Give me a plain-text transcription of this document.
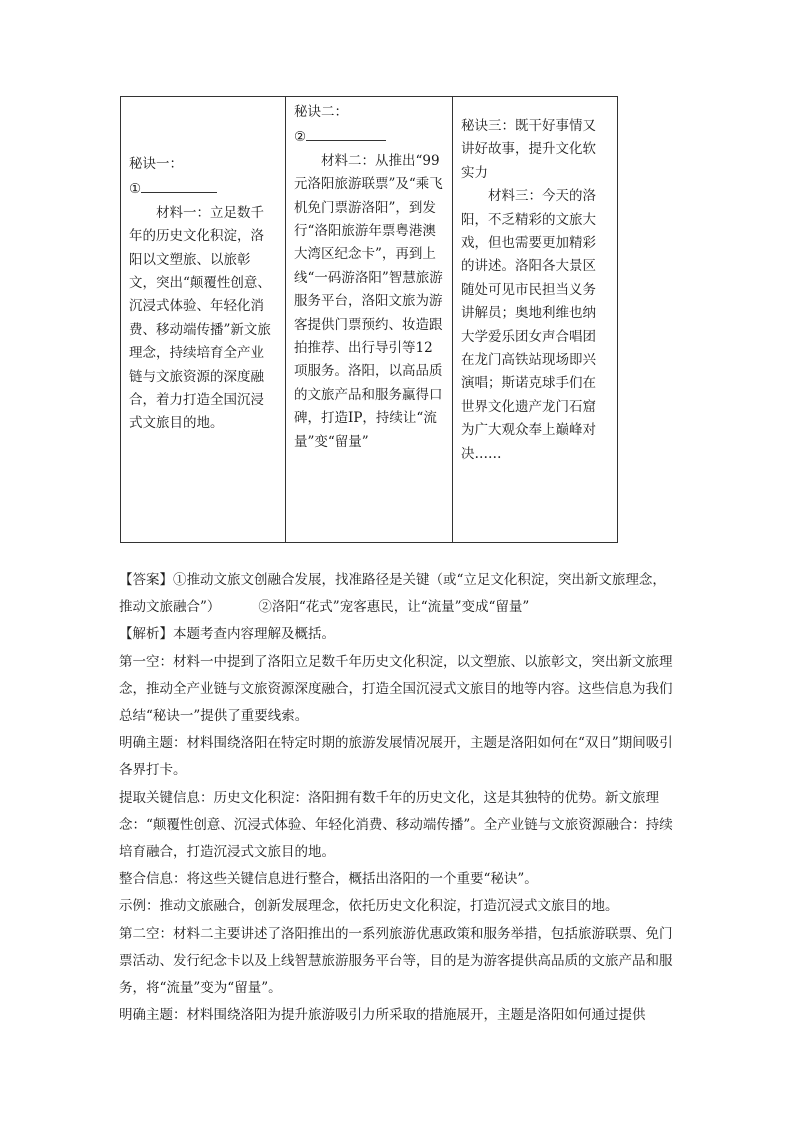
秘诀一：

①

材料一：立足数千年的历史文化积淀，洛阳以文塑旅、以旅彰文，突出“颠覆性创意、沉浸式体验、年轻化消费、移动端传播”新文旅理念，持续培育全产业链与文旅资源的深度融合，着力打造全国沉浸式文旅目的地。

秘诀二：

②

材料二：从推出“99元洛阳旅游联票”及“乘飞机免门票游洛阳”，到发行“洛阳旅游年票粤港澳大湾区纪念卡”，再到上线“一码游洛阳”智慧旅游服务平台，洛阳文旅为游客提供门票预约、妆造跟拍推荐、出行导引等12项服务。洛阳，以高品质的文旅产品和服务赢得口碑，打造IP，持续让“流量”变“留量”

秘诀三：既干好事情又讲好故事，提升文化软实力

材料三：今天的洛阳，不乏精彩的文旅大戏，但也需要更加精彩的讲述。洛阳各大景区随处可见市民担当义务讲解员；奥地利维也纳大学爱乐团女声合唱团在龙门高铁站现场即兴演唱；斯诺克球手们在世界文化遗产龙门石窟为广大观众奉上巅峰对决……

【答案】①推动文旅文创融合发展，找准路径是关键（或“立足文化积淀，突出新文旅理念，推动文旅融合”）	②洛阳“花式”宠客惠民，让“流量”变成“留量”

【解析】本题考查内容理解及概括。

第一空：材料一中提到了洛阳立足数千年历史文化积淀，以文塑旅、以旅彰文，突出新文旅理念，推动全产业链与文旅资源深度融合，打造全国沉浸式文旅目的地等内容。这些信息为我们总结“秘诀一”提供了重要线索。

明确主题：材料围绕洛阳在特定时期的旅游发展情况展开，主题是洛阳如何在“双日”期间吸引各界打卡。

提取关键信息：历史文化积淀：洛阳拥有数千年的历史文化，这是其独特的优势。新文旅理念：“颠覆性创意、沉浸式体验、年轻化消费、移动端传播”。全产业链与文旅资源融合：持续培育融合，打造沉浸式文旅目的地。

整合信息：将这些关键信息进行整合，概括出洛阳的一个重要“秘诀”。

示例：推动文旅融合，创新发展理念，依托历史文化积淀，打造沉浸式文旅目的地。

第二空：材料二主要讲述了洛阳推出的一系列旅游优惠政策和服务举措，包括旅游联票、免门票活动、发行纪念卡以及上线智慧旅游服务平台等，目的是为游客提供高品质的文旅产品和服务，将“流量”变为“留量”。

明确主题：材料围绕洛阳为提升旅游吸引力所采取的措施展开，主题是洛阳如何通过提供
